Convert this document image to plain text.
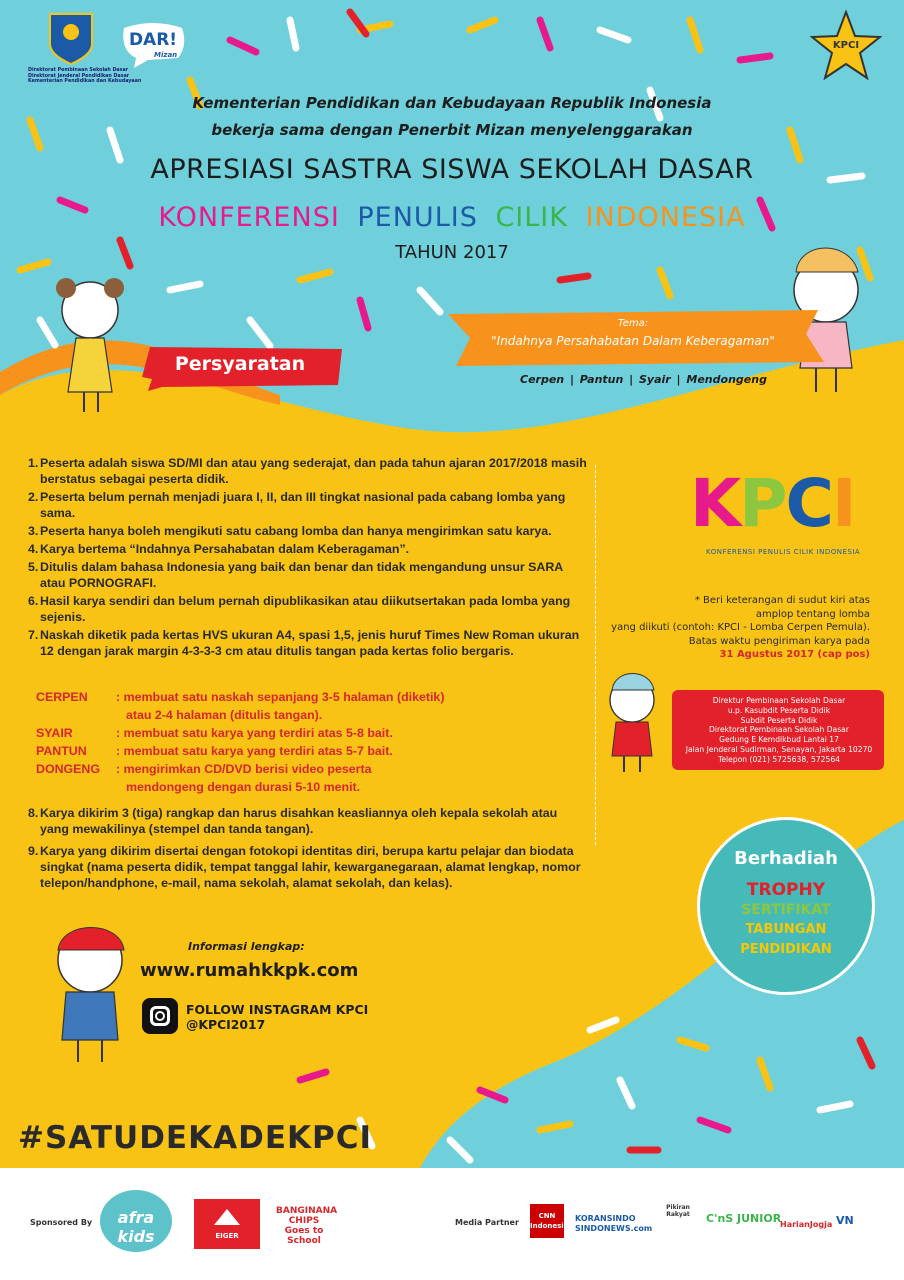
Direktorat Pembinaan Sekolah Dasar
Direktorat Jenderal Pendidikan Dasar
Kementerian Pendidikan dan Kebudayaan
DAR!
Mizan
KPCI
Kementerian Pendidikan dan Kebudayaan Republik Indonesia
bekerja sama dengan Penerbit Mizan menyelenggarakan
APRESIASI SASTRA SISWA SEKOLAH DASAR
KONFERENSI PENULIS CILIK INDONESIA
TAHUN 2017
Tema:
"Indahnya Persahabatan Dalam Keberagaman"
Cerpen | Pantun | Syair | Mendongeng
Persyaratan
1. Peserta adalah siswa SD/MI dan atau yang sederajat, dan pada tahun ajaran 2017/2018 masih berstatus sebagai peserta didik.
2. Peserta belum pernah menjadi juara I, II, dan III tingkat nasional pada cabang lomba yang sama.
3. Peserta hanya boleh mengikuti satu cabang lomba dan hanya mengirimkan satu karya.
4. Karya bertema “Indahnya Persahabatan dalam Keberagaman”.
5. Ditulis dalam bahasa Indonesia yang baik dan benar dan tidak mengandung unsur SARA atau PORNOGRAFI.
6. Hasil karya sendiri dan belum pernah dipublikasikan atau diikutsertakan pada lomba yang sejenis.
7. Naskah diketik pada kertas HVS ukuran A4, spasi 1,5, jenis huruf Times New Roman ukuran 12 dengan jarak margin 4-3-3-3 cm atau ditulis tangan pada kertas folio bergaris.
CERPEN	: membuat satu naskah sepanjang 3-5 halaman (diketik)
atau 2-4 halaman (ditulis tangan).
SYAIR	: membuat satu karya yang terdiri atas 5-8 bait.
PANTUN	: membuat satu karya yang terdiri atas 5-7 bait.
DONGENG	: mengirimkan CD/DVD berisi video peserta
mendongeng dengan durasi 5-10 menit.
8. Karya dikirim 3 (tiga) rangkap dan harus disahkan keasliannya oleh kepala sekolah atau yang mewakilinya (stempel dan tanda tangan).
9. Karya yang dikirim disertai dengan fotokopi identitas diri, berupa kartu pelajar dan biodata singkat (nama peserta didik, tempat tanggal lahir, kewarganegaraan, alamat lengkap, nomor telepon/handphone, e-mail, nama sekolah, alamat sekolah, dan kelas).
KPCI
KONFERENSI PENULIS CILIK INDONESIA
* Beri keterangan di sudut kiri atas
amplop tentang lomba
yang diikuti (contoh: KPCI - Lomba Cerpen Pemula).
Batas waktu pengiriman karya pada
31 Agustus 2017 (cap pos)
Direktur Pembinaan Sekolah Dasar
u.p. Kasubdit Peserta Didik
Subdit Peserta Didik
Direktorat Pembinaan Sekolah Dasar
Gedung E Kemdikbud Lantai 17
Jalan Jenderal Sudirman, Senayan, Jakarta 10270
Telepon (021) 5725638, 572564
Berhadiah
TROPHY
SERTIFIKAT
TABUNGAN
PENDIDIKAN
Informasi lengkap:
www.rumahkkpk.com
FOLLOW INSTAGRAM KPCI
@KPCI2017
#SATUDEKADEKPCI
Sponsored By	afra kids	EIGER
BANGINANA CHIPS Goes to School
Media Partner
CNN Indonesia
KORANSINDO SINDONEWS.com
Pikiran Rakyat	C'nS JUNIOR
HarianJogja VN
